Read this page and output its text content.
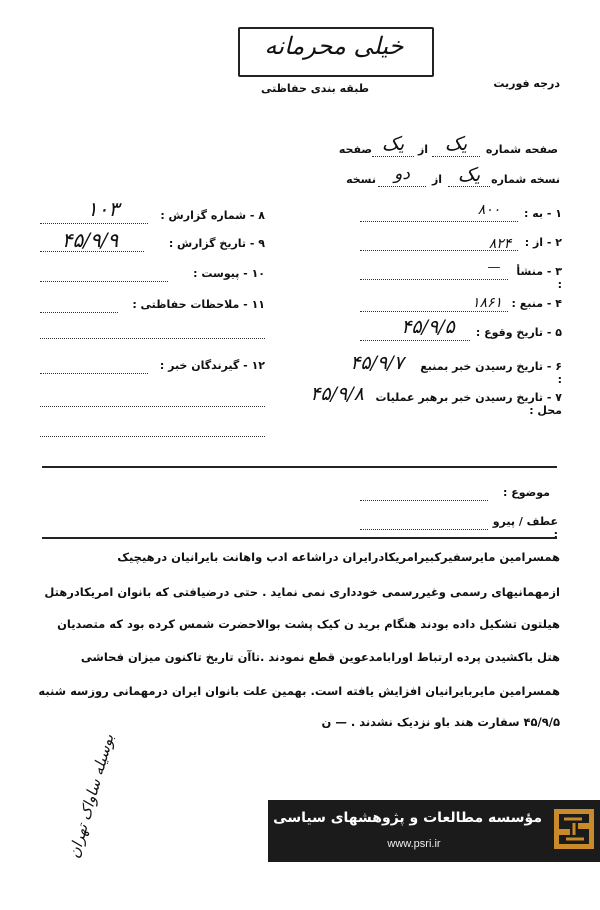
خیلی محرمانه
طبقه بندی حفاظتی	درجه فوریت
صفحه شماره
یک
از
یک
صفحه
نسخه شماره
یک
از
دو
نسخه
۸ - شماره گزارش :
۱۰۳
۹ - تاریخ گزارش :
۴۵/۹/۹
۱۰ - پیوست :
۱۱ - ملاحظات حفاظتی :
۱۲ - گیرندگان خبر :
۱ - به :
۸۰۰
۲ - از :
۸۲۴
۳ - منشأ :
—
۴ - منبع :
۱۸۶۱
۵ - تاریخ وقوع :
۴۵/۹/۵
۶ - تاریخ رسیدن خبر بمنبع :
۴۵/۹/۷
۷ - تاریخ رسیدن خبر برهبر عملیات محل :
۴۵/۹/۸
موضوع :
عطف / پیرو :
همسرامین مایرسفیرکبیرامریکادرایران دراشاعه ادب واهانت بایرانیان درهیچیک
ازمهمانیهای رسمی وغیررسمی خودداری نمی نماید . حتی درضیافتی که بانوان امریکادرهتل
هیلتون تشکیل داده بودند هنگام برید ن کیک پشت بوالاحضرت شمس کرده بود که متصدیان
هتل باکشیدن پرده ارتباط اورابامدعوین قطع نمودند .تاآن تاریخ تاکنون میزان فحاشی
همسرامین مایربایرانیان افزایش یافته است. بهمین علت بانوان ایران درمهمانی روزسه شنبه
۴۵/۹/۵ سفارت هند باو نزدیک نشدند . — ن
بوسیله ساواک تهران	مؤسسه مطالعات و پژوهشهای سیاسی
www.psri.ir
